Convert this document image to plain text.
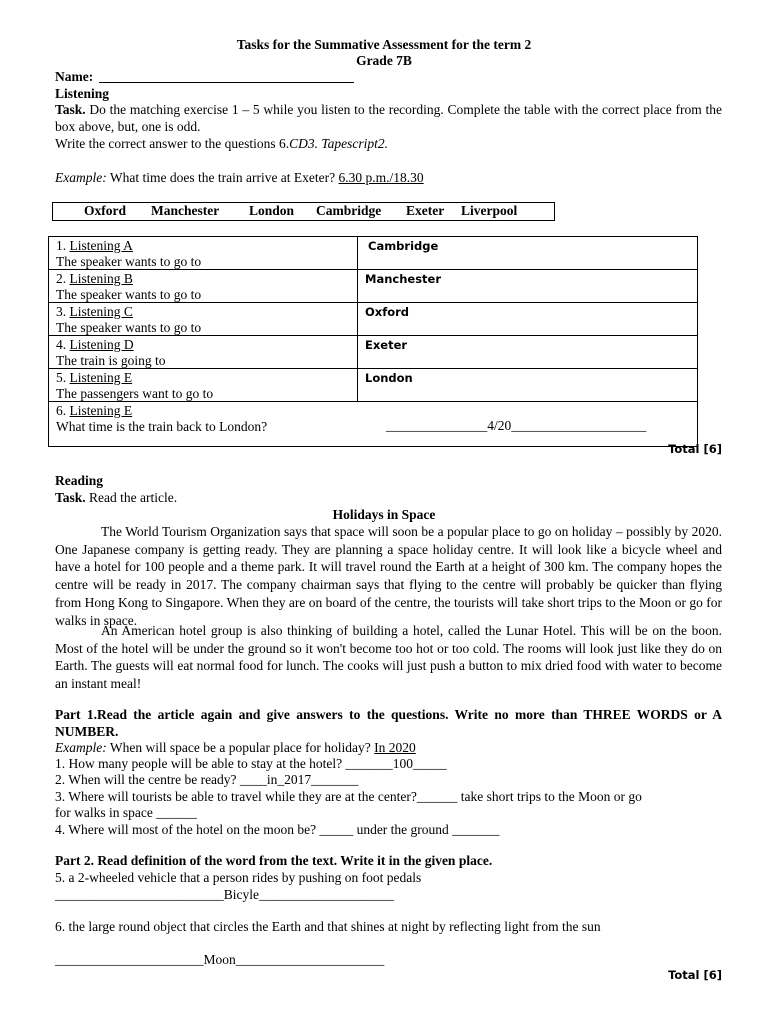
Tasks for the Summative Assessment for the term 2
Grade 7B
Name:
Listening
Task. Do the matching exercise 1 – 5 while you listen to the recording. Complete the table with the correct place from the box above, but, one is odd.
Write the correct answer to the questions 6.CD3. Tapescript2.
Example: What time does the train arrive at Exeter? 6.30 p.m./18.30
Oxford Manchester London Cambridge Exeter Liverpool
1. Listening A
The speaker wants to go to	Cambridge
2. Listening B
The speaker wants to go to	Manchester
3. Listening C
The speaker wants to go to	Oxford
4. Listening D
The train is going to	Exeter
5. Listening E
The passengers want to go to	London
6. Listening E
What time is the train back to London? _______________4/20____________________	
Total [6]
Reading
Task. Read the article.
Holidays in Space
The World Tourism Organization says that space will soon be a popular place to go on holiday – possibly by 2020. One Japanese company is getting ready. They are planning a space holiday centre. It will look like a bicycle wheel and have a hotel for 100 people and a theme park. It will travel round the Earth at a height of 300 km. The company hopes the centre will be ready in 2017. The company chairman says that flying to the centre will probably be quicker than flying from Hong Kong to Singapore. When they are on board of the centre, the tourists will take short trips to the Moon or go for walks in space.
An American hotel group is also thinking of building a hotel, called the Lunar Hotel. This will be on the boon. Most of the hotel will be under the ground so it won't become too hot or too cold. The rooms will look just like they do on Earth. The guests will eat normal food for lunch. The cooks will just push a button to mix dried food with water to become an instant meal!
Part 1.Read the article again and give answers to the questions. Write no more than THREE WORDS or A NUMBER.
Example: When will space be a popular place for holiday? In 2020
1. How many people will be able to stay at the hotel? _______100_____
2. When will the centre be ready? ____in_2017_______
3. Where will tourists be able to travel while they are at the center?______ take short trips to the Moon or go
for walks in space ______
4. Where will most of the hotel on the moon be? _____ under the ground _______
Part 2. Read definition of the word from the text. Write it in the given place.
5. a 2-wheeled vehicle that a person rides by pushing on foot pedals
_________________________Bicyle____________________
6. the large round object that circles the Earth and that shines at night by reflecting light from the sun
______________________Moon______________________
Total [6]
